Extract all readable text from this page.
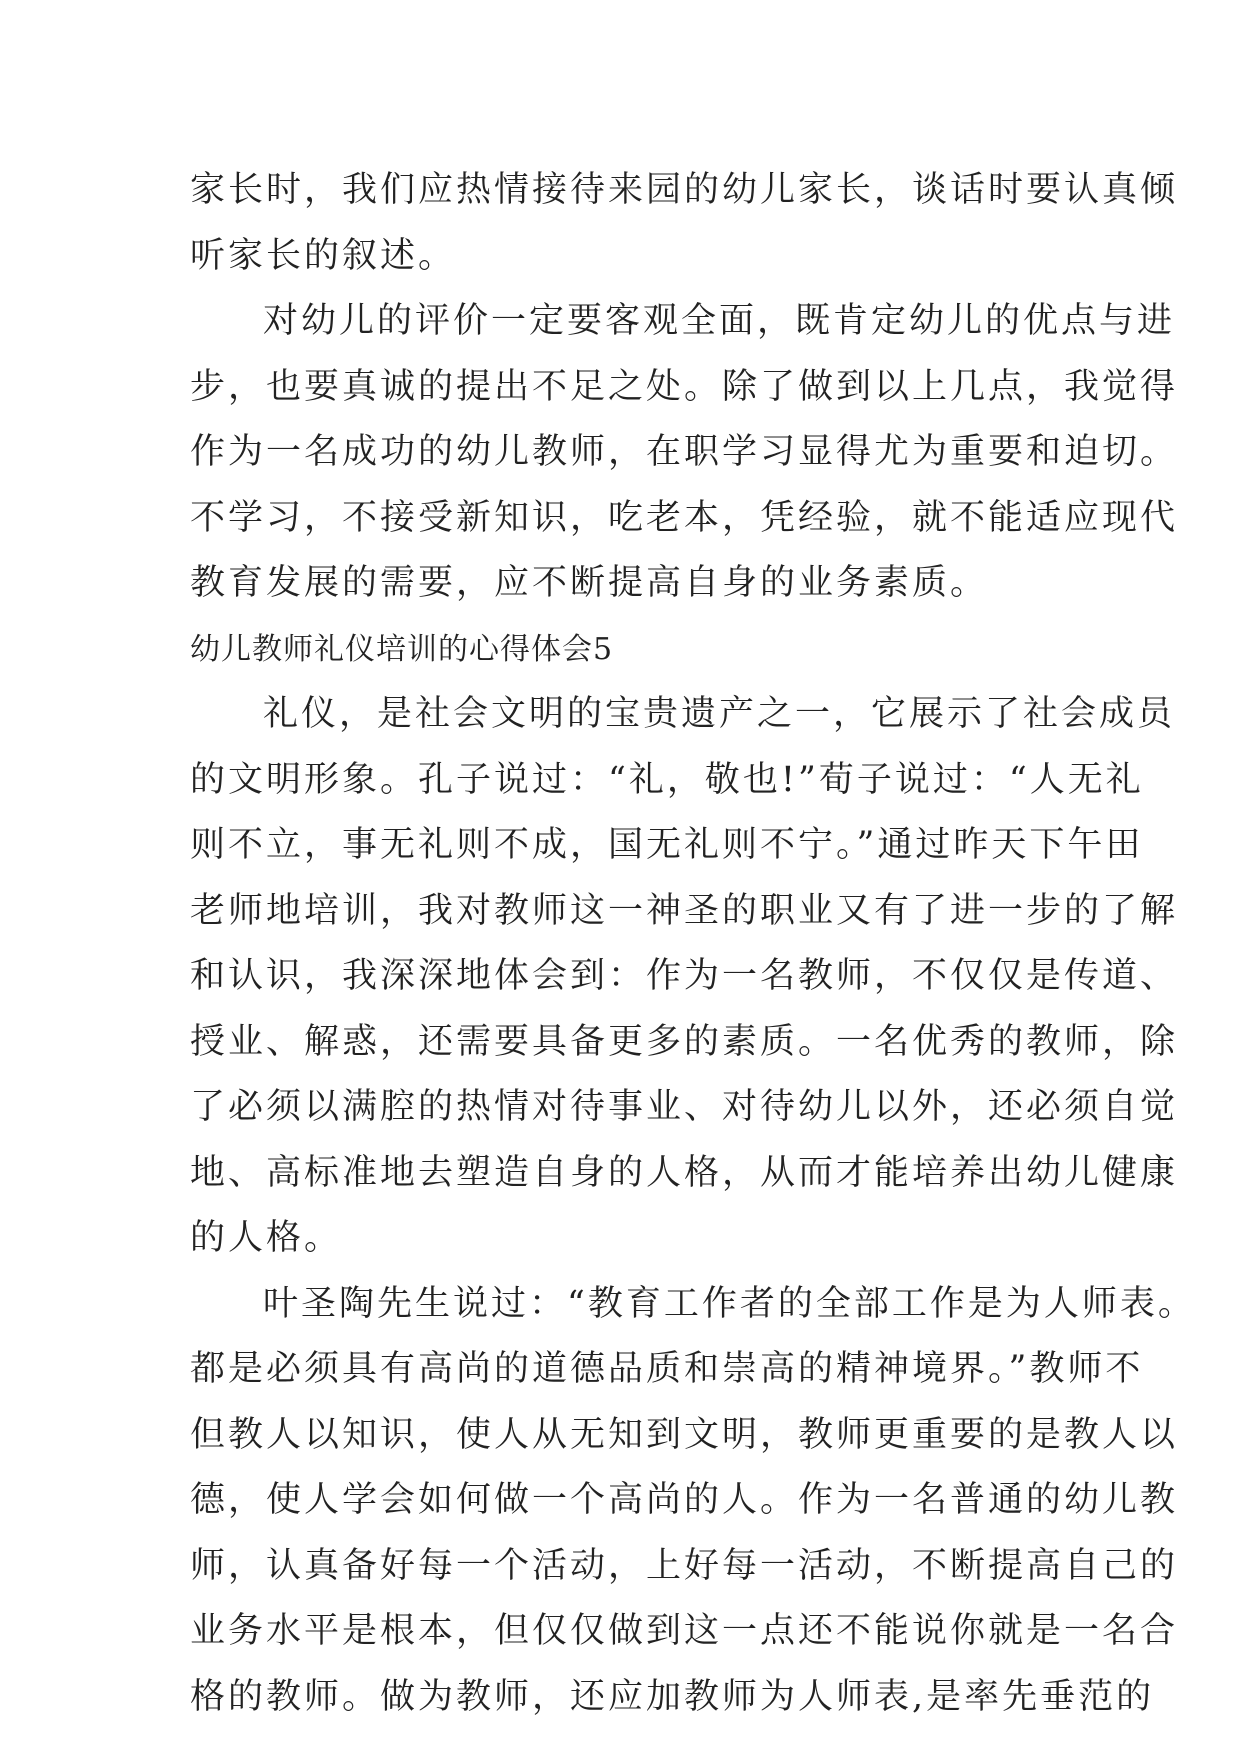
家长时，我们应热情接待来园的幼儿家长，谈话时要认真倾
听家长的叙述。
对幼儿的评价一定要客观全面，既肯定幼儿的优点与进
步，也要真诚的提出不足之处。除了做到以上几点，我觉得
作为一名成功的幼儿教师，在职学习显得尤为重要和迫切。
不学习，不接受新知识，吃老本，凭经验，就不能适应现代
教育发展的需要，应不断提高自身的业务素质。
幼儿教师礼仪培训的心得体会5
礼仪，是社会文明的宝贵遗产之一，它展示了社会成员
的文明形象。孔子说过：“礼，敬也!”荀子说过：“人无礼
则不立，事无礼则不成，国无礼则不宁。”通过昨天下午田
老师地培训，我对教师这一神圣的职业又有了进一步的了解
和认识，我深深地体会到：作为一名教师，不仅仅是传道、
授业、解惑，还需要具备更多的素质。一名优秀的教师，除
了必须以满腔的热情对待事业、对待幼儿以外，还必须自觉
地、高标准地去塑造自身的人格，从而才能培养出幼儿健康
的人格。
叶圣陶先生说过：“教育工作者的全部工作是为人师表。
都是必须具有高尚的道德品质和崇高的精神境界。”教师不
但教人以知识，使人从无知到文明，教师更重要的是教人以
德，使人学会如何做一个高尚的人。作为一名普通的幼儿教
师，认真备好每一个活动，上好每一活动，不断提高自己的
业务水平是根本，但仅仅做到这一点还不能说你就是一名合
格的教师。做为教师，还应加教师为人师表,是率先垂范的
